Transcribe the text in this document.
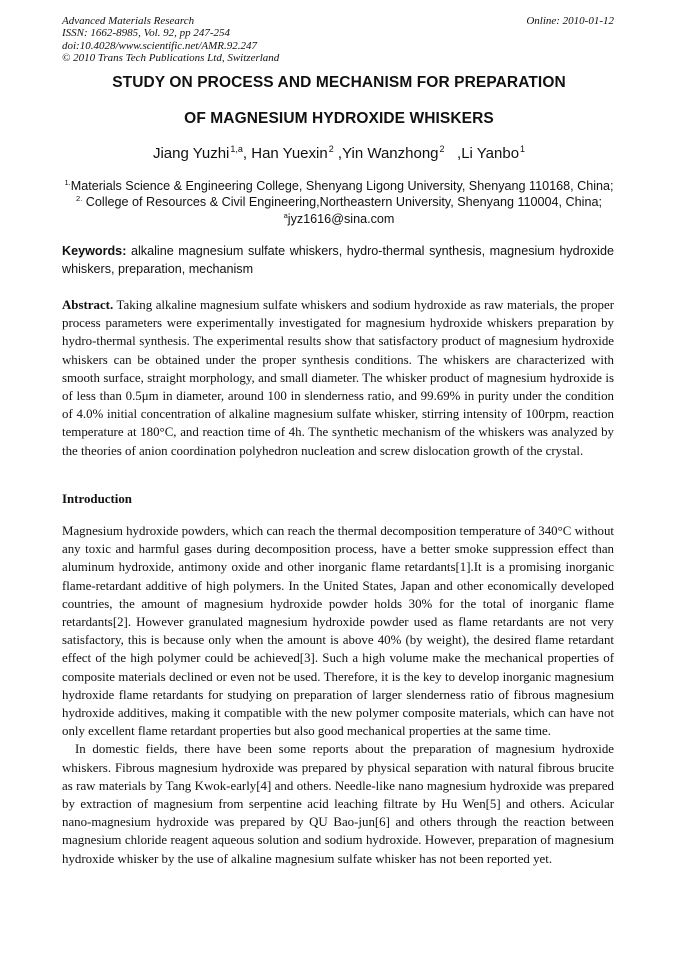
Advanced Materials Research
ISSN: 1662-8985, Vol. 92, pp 247-254
doi:10.4028/www.scientific.net/AMR.92.247
© 2010 Trans Tech Publications Ltd, Switzerland
Online: 2010-01-12
STUDY ON PROCESS AND MECHANISM FOR PREPARATION
OF MAGNESIUM HYDROXIDE WHISKERS
Jiang Yuzhi$^{1,a}$, Han Yuexin$^2$ ,Yin Wanzhong$^2$   ,Li Yanbo$^1$
$^{1.}$Materials Science & Engineering College, Shenyang Ligong University, Shenyang 110168, China;
$^{2.}$ College of Resources & Civil Engineering,Northeastern University, Shenyang 110004, China;
$^a$jyz1616@sina.com
Keywords: alkaline magnesium sulfate whiskers, hydro-thermal synthesis, magnesium hydroxide whiskers, preparation, mechanism
Abstract. Taking alkaline magnesium sulfate whiskers and sodium hydroxide as raw materials, the proper process parameters were experimentally investigated for magnesium hydroxide whiskers preparation by hydro-thermal synthesis. The experimental results show that satisfactory product of magnesium hydroxide whiskers can be obtained under the proper synthesis conditions. The whiskers are characterized with smooth surface, straight morphology, and small diameter. The whisker product of magnesium hydroxide is of less than 0.5μm in diameter, around 100 in slenderness ratio, and 99.69% in purity under the condition of 4.0% initial concentration of alkaline magnesium sulfate whisker, stirring intensity of 100rpm, reaction temperature at 180°C, and reaction time of 4h. The synthetic mechanism of the whiskers was analyzed by the theories of anion coordination polyhedron nucleation and screw dislocation growth of the crystal.
Introduction

Magnesium hydroxide powders, which can reach the thermal decomposition temperature of 340°C without any toxic and harmful gases during decomposition process, have a better smoke suppression effect than aluminum hydroxide, antimony oxide and other inorganic flame retardants[1].It is a promising inorganic flame-retardant additive of high polymers. In the United States, Japan and other economically developed countries, the amount of magnesium hydroxide powder holds 30% for the total of inorganic flame retardants[2]. However granulated magnesium hydroxide powder used as flame retardants are not very satisfactory, this is because only when the amount is above 40% (by weight), the desired flame retardant effect of the high polymer could be achieved[3]. Such a high volume make the mechanical properties of composite materials declined or even not be used. Therefore, it is the key to develop inorganic magnesium hydroxide flame retardants for studying on preparation of larger slenderness ratio of fibrous magnesium hydroxide additives, making it compatible with the new polymer composite materials, which can have not only excellent flame retardant properties but also good mechanical properties at the same time.

In domestic fields, there have been some reports about the preparation of magnesium hydroxide whiskers. Fibrous magnesium hydroxide was prepared by physical separation with natural fibrous brucite as raw materials by Tang Kwok-early[4] and others. Needle-like nano magnesium hydroxide was prepared by extraction of magnesium from serpentine acid leaching filtrate by Hu Wen[5] and others. Acicular nano-magnesium hydroxide was prepared by QU Bao-jun[6] and others through the reaction between magnesium chloride reagent aqueous solution and sodium hydroxide. However, preparation of magnesium hydroxide whisker by the use of alkaline magnesium sulfate whisker has not been reported yet.
